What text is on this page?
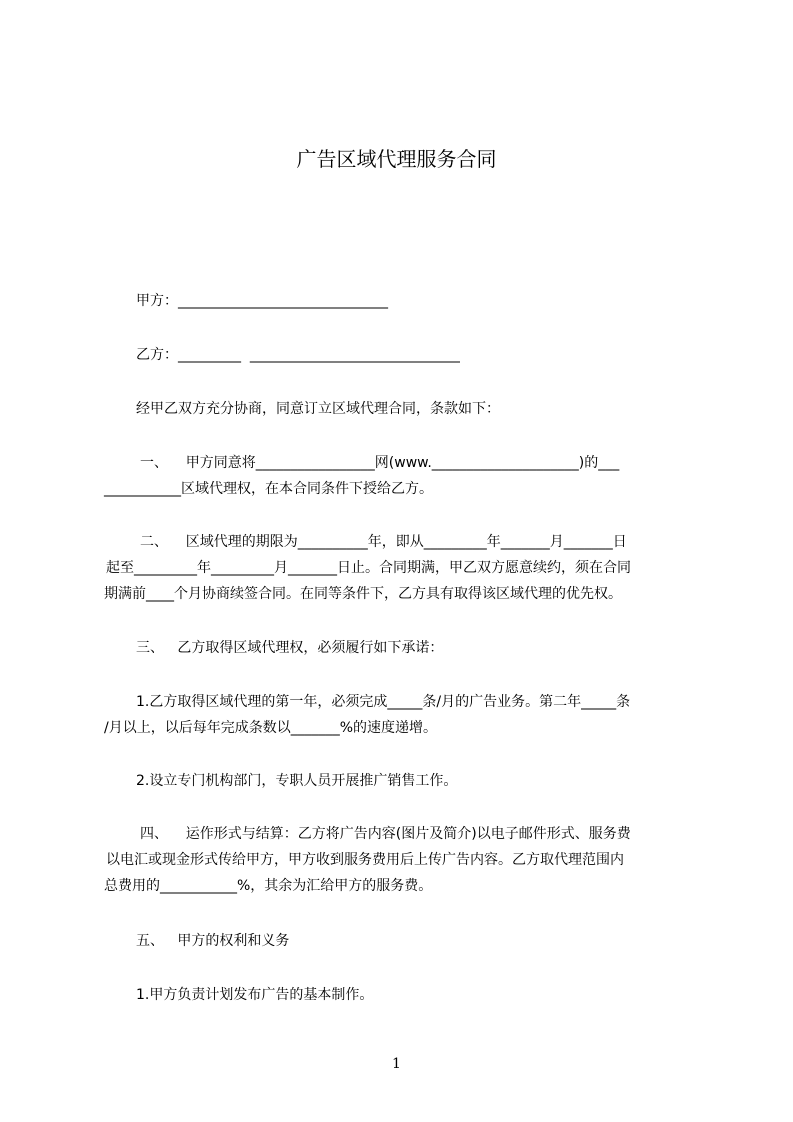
广告区域代理服务合同
甲方：______________________________
乙方：_________  ______________________________
经甲乙双方充分协商，同意订立区域代理合同，条款如下：
一、    甲方同意将_________________网(www._____________________)的___
___________区域代理权，在本合同条件下授给乙方。
二、    区域代理的期限为__________年，即从_________年_______月_______日
起至_________年_________月_______日止。合同期满，甲乙双方愿意续约，须在合同
期满前____个月协商续签合同。在同等条件下，乙方具有取得该区域代理的优先权。
三、   乙方取得区域代理权，必须履行如下承诺：
1.乙方取得区域代理的第一年，必须完成_____条/月的广告业务。第二年_____条
/月以上，以后每年完成条数以_______%的速度递增。
2.设立专门机构部门，专职人员开展推广销售工作。
四、    运作形式与结算：乙方将广告内容(图片及简介)以电子邮件形式、服务费
以电汇或现金形式传给甲方，甲方收到服务费用后上传广告内容。乙方取代理范围内
总费用的___________%，其余为汇给甲方的服务费。
五、   甲方的权利和义务
1.甲方负责计划发布广告的基本制作。
1
